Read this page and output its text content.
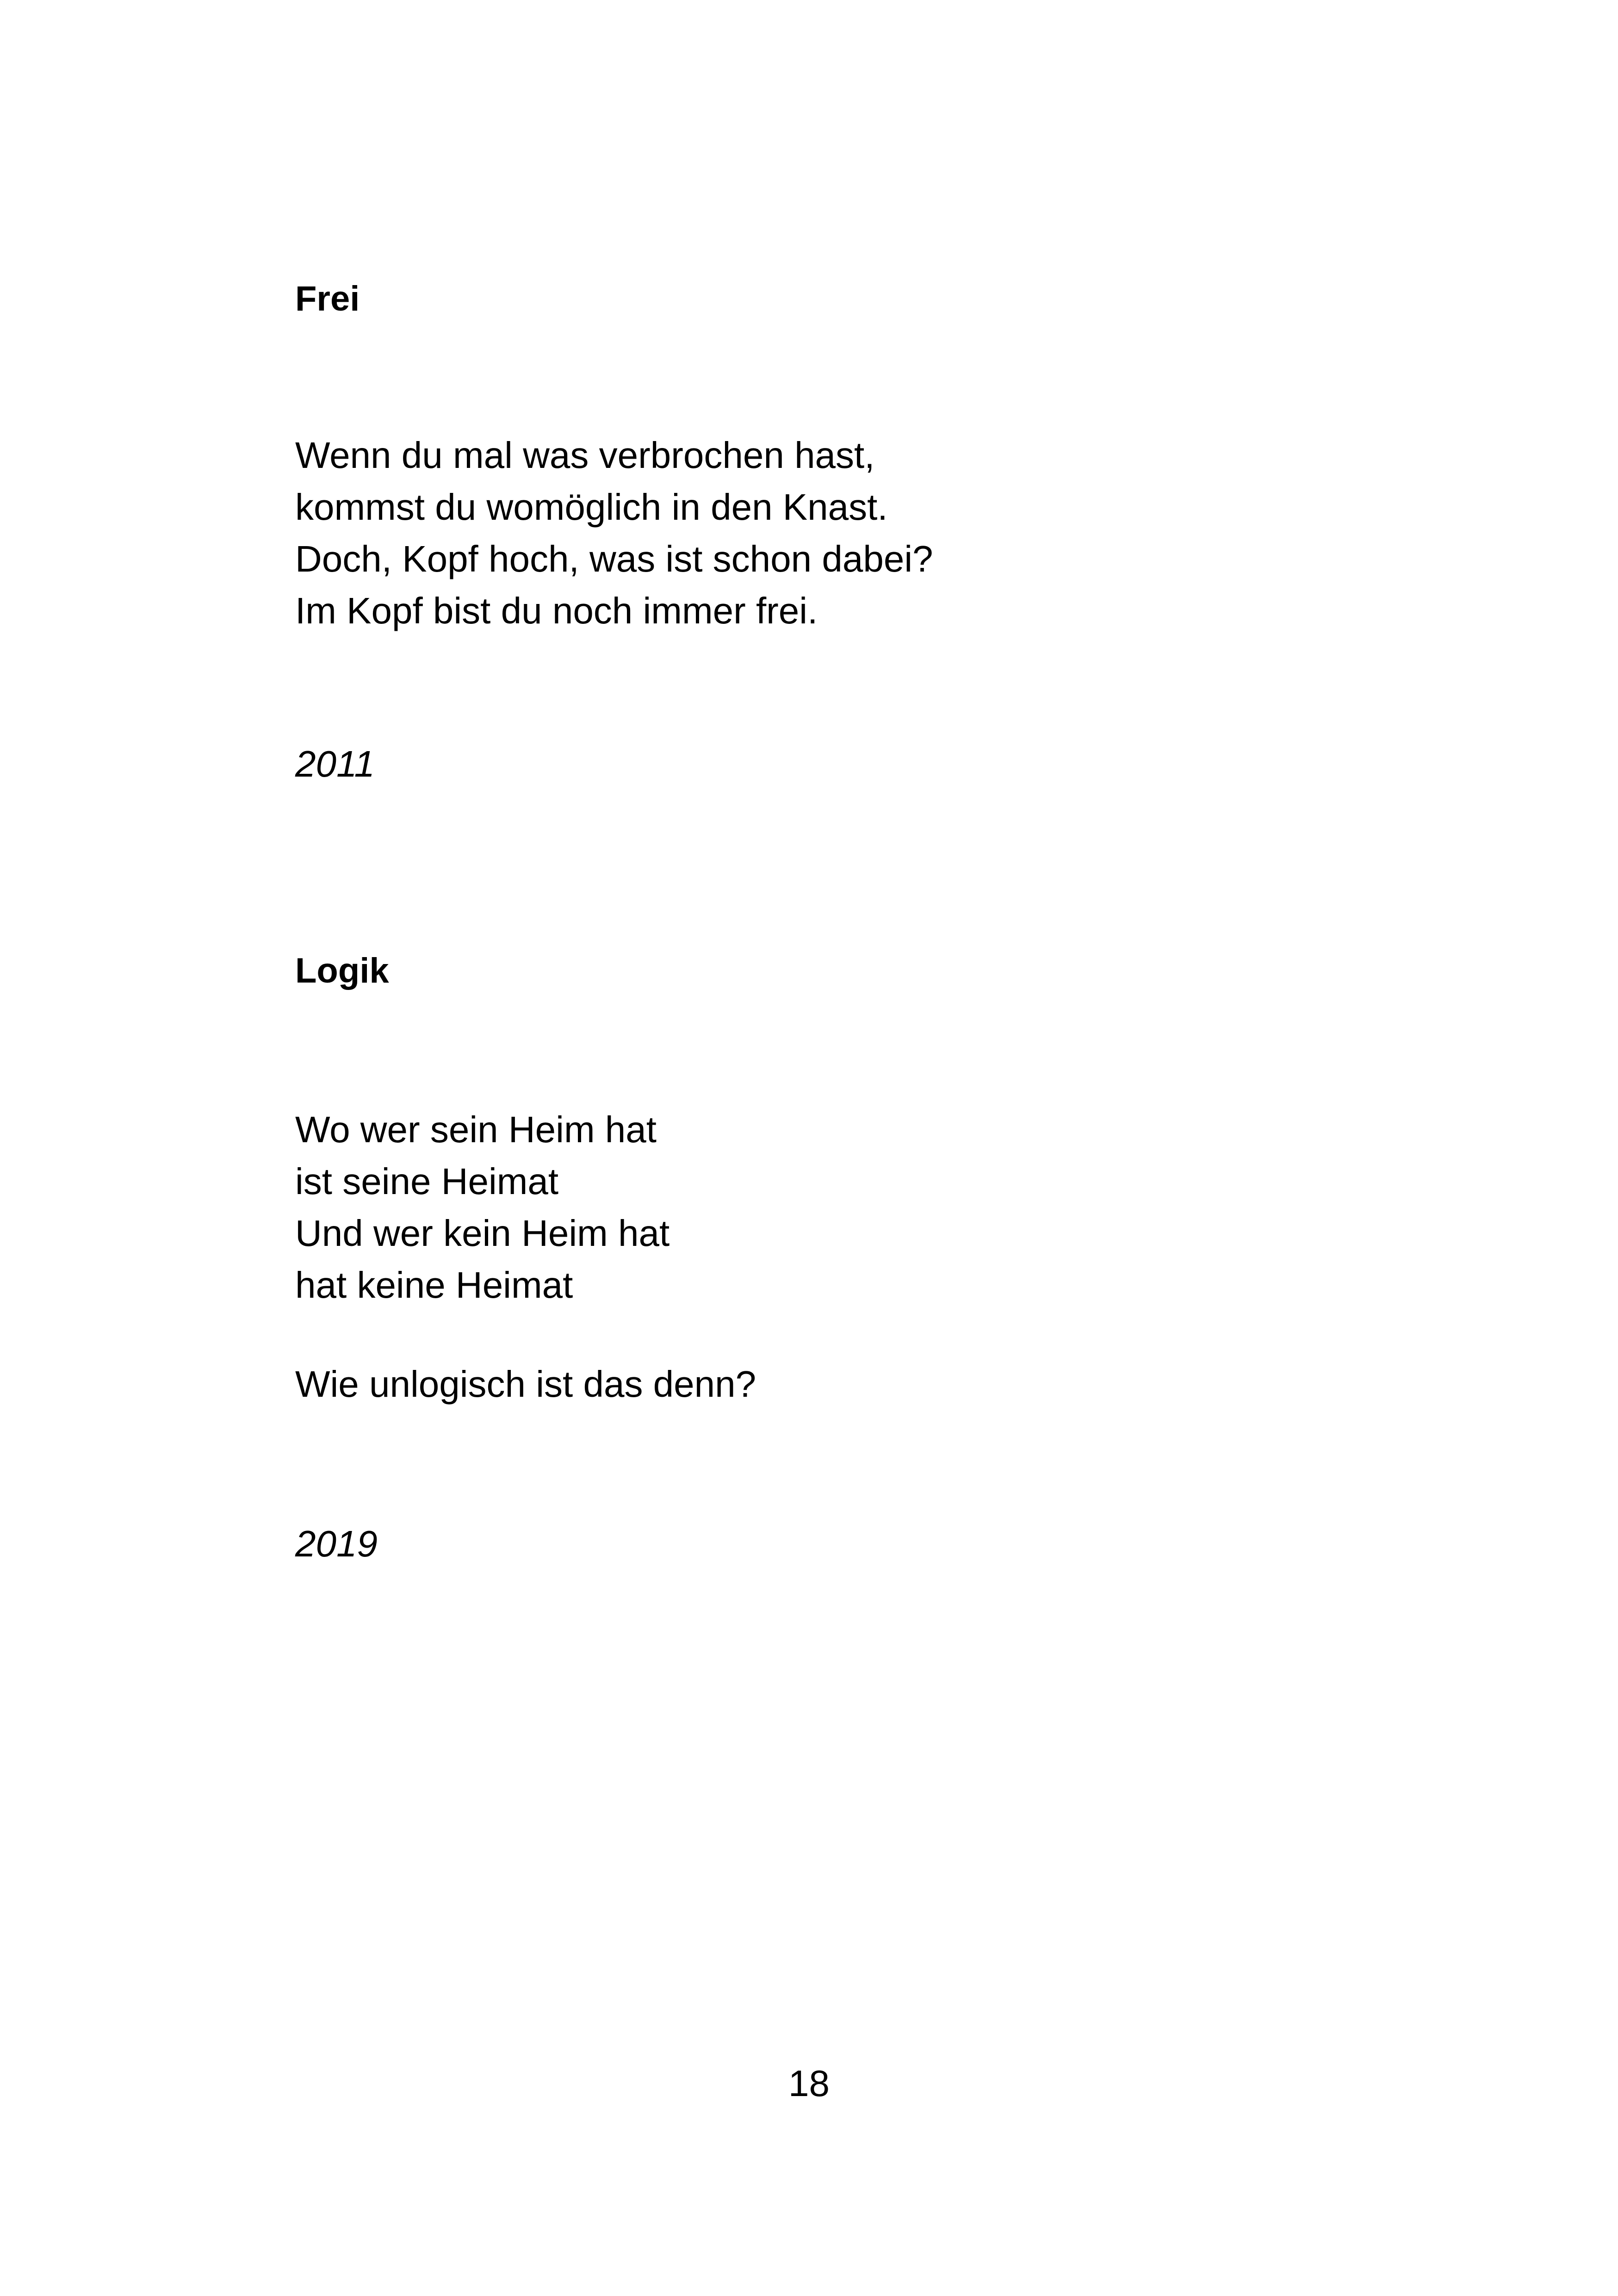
Frei
Wenn du mal was verbrochen hast,
kommst du womöglich in den Knast.
Doch, Kopf hoch, was ist schon dabei?
Im Kopf bist du noch immer frei.

2011

Logik
Wo wer sein Heim hat
ist seine Heimat
Und wer kein Heim hat
hat keine Heimat
Wie unlogisch ist das denn?

2019

18
